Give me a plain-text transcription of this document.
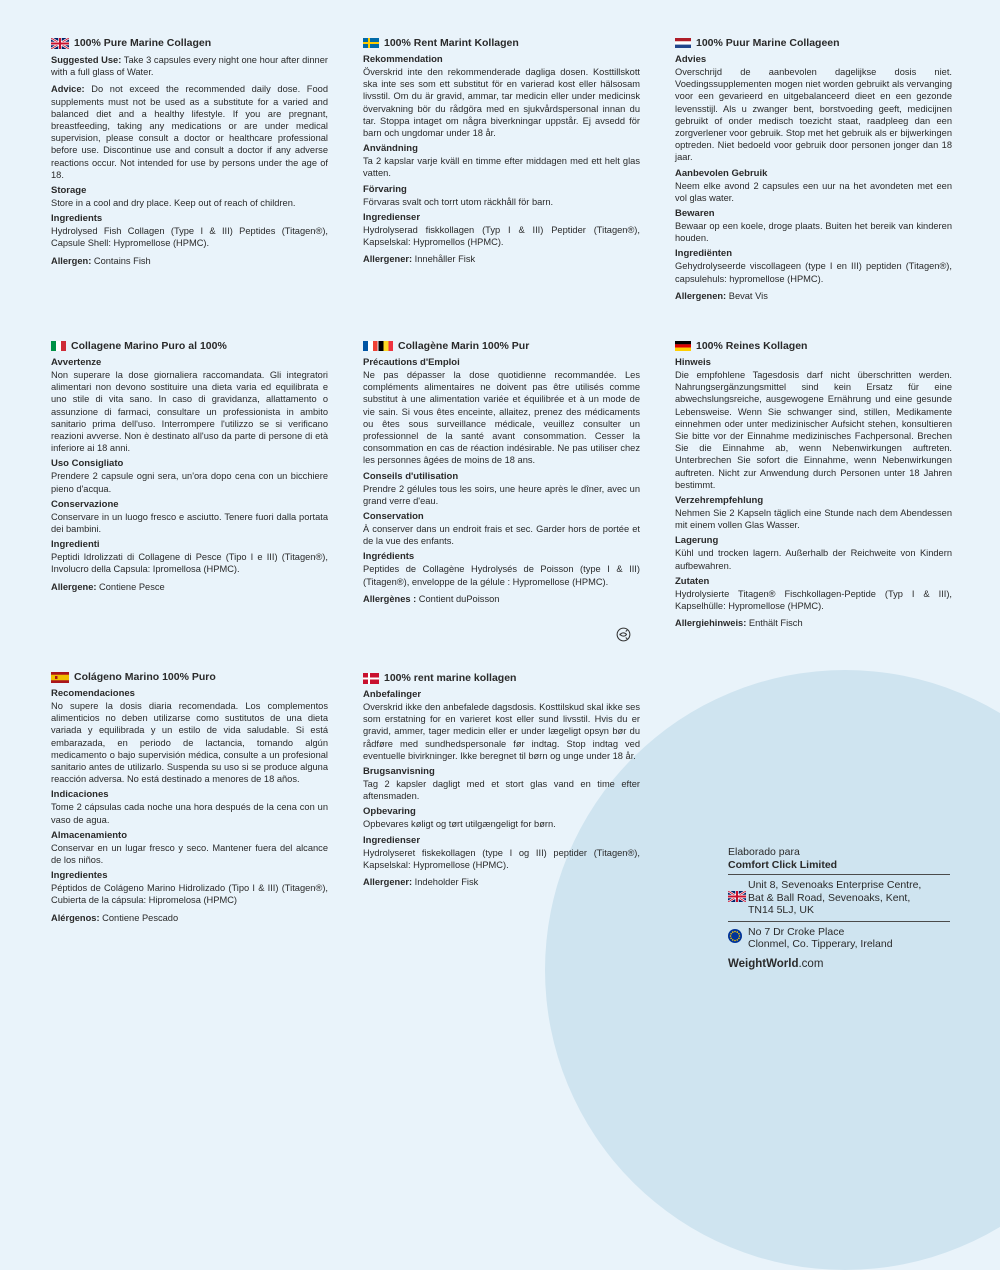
100% Pure Marine Collagen
Suggested Use: Take 3 capsules every night one hour after dinner with a full glass of Water.
Advice: Do not exceed the recommended daily dose. Food supplements must not be used as a substitute for a varied and balanced diet and a healthy lifestyle. If you are pregnant, breastfeeding, taking any medications or are under medical supervision, please consult a doctor or healthcare professional before use. Discontinue use and consult a doctor if any adverse reactions occur. Not intended for use by persons under the age of 18.
Storage
Store in a cool and dry place. Keep out of reach of children.
Ingredients
Hydrolysed Fish Collagen (Type I & III) Peptides (Titagen®), Capsule Shell: Hypromellose (HPMC).
Allergen: Contains Fish
100% Rent Marint Kollagen
Rekommendation
Överskrid inte den rekommenderade dagliga dosen. Kosttillskott ska inte ses som ett substitut för en varierad kost eller hälsosam livsstil. Om du är gravid, ammar, tar medicin eller under medicinsk övervakning bör du rådgöra med en sjukvårdspersonal innan du tar. Stoppa intaget om några biverkningar uppstår. Ej avsedd för barn och ungdomar under 18 år.
Användning
Ta 2 kapslar varje kväll en timme efter middagen med ett helt glas vatten.
Förvaring
Förvaras svalt och torrt utom räckhåll för barn.
Ingredienser
Hydrolyserad fiskkollagen (Typ I & III) Peptider (Titagen®), Kapselskal: Hypromellos (HPMC).
Allergener: Innehåller Fisk
100% Puur Marine Collageen
Advies
Overschrijd de aanbevolen dagelijkse dosis niet. Voedingssupplementen mogen niet worden gebruikt als vervanging voor een gevarieerd en uitgebalanceerd dieet en een gezonde levensstijl. Als u zwanger bent, borstvoeding geeft, medicijnen gebruikt of onder medisch toezicht staat, raadpleeg dan een zorgverlener voor gebruik. Stop met het gebruik als er bijwerkingen optreden. Niet bedoeld voor gebruik door personen jonger dan 18 jaar.
Aanbevolen Gebruik
Neem elke avond 2 capsules een uur na het avondeten met een vol glas water.
Bewaren
Bewaar op een koele, droge plaats. Buiten het bereik van kinderen houden.
Ingrediënten
Gehydrolyseerde viscollageen (type I en III) peptiden (Titagen®), capsulehuls: hypromellose (HPMC).
Allergenen: Bevat Vis
Collagene Marino Puro al 100%
Avvertenze
Non superare la dose giornaliera raccomandata. Gli integratori alimentari non devono sostituire una dieta varia ed equilibrata e uno stile di vita sano. In caso di gravidanza, allattamento o assunzione di farmaci, consultare un professionista in ambito sanitario prima dell'uso. Interrompere l'utilizzo se si verificano reazioni avverse. Non è destinato all'uso da parte di persone di età inferiore ai 18 anni.
Uso Consigliato
Prendere 2 capsule ogni sera, un'ora dopo cena con un bicchiere pieno d'acqua.
Conservazione
Conservare in un luogo fresco e asciutto. Tenere fuori dalla portata dei bambini.
Ingredienti
Peptidi Idrolizzati di Collagene di Pesce (Tipo I e III) (Titagen®), Involucro della Capsula: Ipromellosa (HPMC).
Allergene: Contiene Pesce
Collagène Marin 100% Pur
Précautions d'Emploi
Ne pas dépasser la dose quotidienne recommandée. Les compléments alimentaires ne doivent pas être utilisés comme substitut à une alimentation variée et équilibrée et à un mode de vie sain. Si vous êtes enceinte, allaitez, prenez des médicaments ou êtes sous surveillance médicale, veuillez consulter un professionnel de la santé avant consommation. Cesser la consommation en cas de réaction indésirable. Ne pas utiliser chez les personnes âgées de moins de 18 ans.
Conseils d'utilisation
Prendre 2 gélules tous les soirs, une heure après le dîner, avec un grand verre d'eau.
Conservation
À conserver dans un endroit frais et sec. Garder hors de portée et de la vue des enfants.
Ingrédients
Peptides de Collagène Hydrolysés de Poisson (type I & III) (Titagen®), enveloppe de la gélule : Hypromellose (HPMC).
Allergènes : Contient duPoisson
100% Reines Kollagen
Hinweis
Die empfohlene Tagesdosis darf nicht überschritten werden. Nahrungsergänzungsmittel sind kein Ersatz für eine abwechslungsreiche, ausgewogene Ernährung und eine gesunde Lebensweise. Wenn Sie schwanger sind, stillen, Medikamente einnehmen oder unter medizinischer Aufsicht stehen, konsultieren Sie bitte vor der Einnahme medizinisches Fachpersonal. Brechen Sie die Einnahme ab, wenn Nebenwirkungen auftreten. Unterbrechen Sie sofort die Einnahme, wenn Nebenwirkungen auftreten. Nicht zur Anwendung durch Personen unter 18 Jahren bestimmt.
Verzehrempfehlung
Nehmen Sie 2 Kapseln täglich eine Stunde nach dem Abendessen mit einem vollen Glas Wasser.
Lagerung
Kühl und trocken lagern. Außerhalb der Reichweite von Kindern aufbewahren.
Zutaten
Hydrolysierte Titagen® Fischkollagen-Peptide (Typ I & III), Kapselhülle: Hypromellose (HPMC).
Allergiehinweis: Enthält Fisch
Colágeno Marino 100% Puro
Recomendaciones
No supere la dosis diaria recomendada. Los complementos alimenticios no deben utilizarse como sustitutos de una dieta variada y equilibrada y un estilo de vida saludable. Si está embarazada, en periodo de lactancia, tomando algún medicamento o bajo supervisión médica, consulte a un profesional sanitario antes de utilizarlo. Suspenda su uso si se produce alguna reacción adversa. No está destinado a menores de 18 años.
Indicaciones
Tome 2 cápsulas cada noche una hora después de la cena con un vaso de agua.
Almacenamiento
Conservar en un lugar fresco y seco. Mantener fuera del alcance de los niños.
Ingredientes
Péptidos de Colágeno Marino Hidrolizado (Tipo I & III) (Titagen®), Cubierta de la cápsula: Hipromelosa (HPMC)
Alérgenos: Contiene Pescado
100% rent marine kollagen
Anbefalinger
Overskrid ikke den anbefalede dagsdosis. Kosttilskud skal ikke ses som erstatning for en varieret kost eller sund livsstil. Hvis du er gravid, ammer, tager medicin eller er under lægeligt opsyn bør du rådføre med sundhedspersonale før indtag. Stop indtag ved eventuelle bivirkninger. Ikke beregnet til børn og unge under 18 år.
Brugsanvisning
Tag 2 kapsler dagligt med et stort glas vand en time efter aftensmaden.
Opbevaring
Opbevares køligt og tørt utilgængeligt for børn.
Ingredienser
Hydrolyseret fiskekollagen (type I og III) peptider (Titagen®), Kapselskal: Hypromellose (HPMC).
Allergener: Indeholder Fisk
Elaborado para
Comfort Click Limited
Unit 8, Sevenoaks Enterprise Centre,
Bat & Ball Road, Sevenoaks, Kent,
TN14 5LJ, UK
No 7 Dr Croke Place
Clonmel, Co. Tipperary, Ireland
WeightWorld.com
